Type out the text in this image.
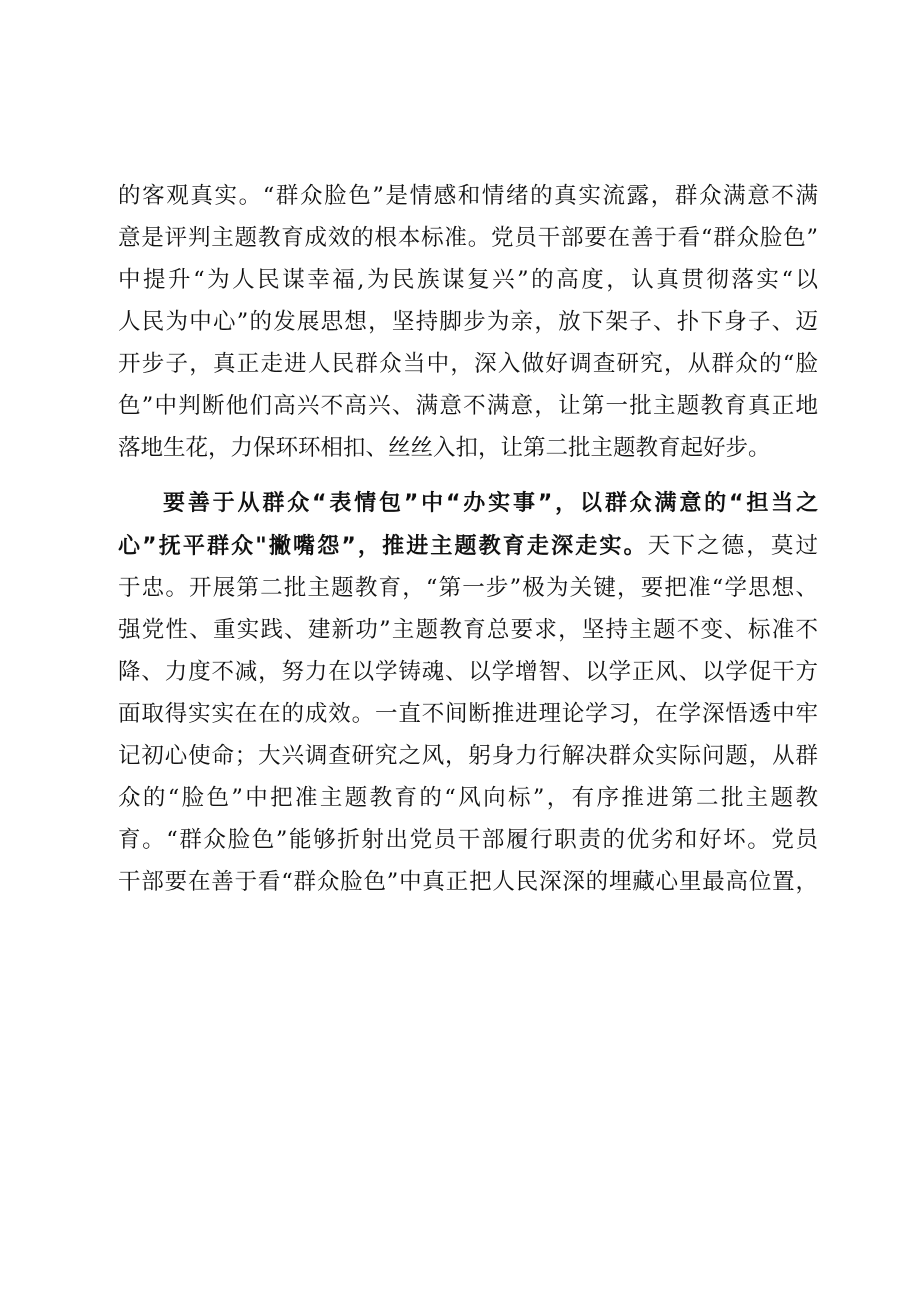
的客观真实。“群众脸色”是情感和情绪的真实流露，群众满意不满
意是评判主题教育成效的根本标准。党员干部要在善于看“群众脸色”
中提升“为人民谋幸福,为民族谋复兴”的高度，认真贯彻落实“以
人民为中心”的发展思想，坚持脚步为亲，放下架子、扑下身子、迈
开步子，真正走进人民群众当中，深入做好调查研究，从群众的“脸
色”中判断他们高兴不高兴、满意不满意，让第一批主题教育真正地
落地生花，力保环环相扣、丝丝入扣，让第二批主题教育起好步。
要善于从群众“表情包”中“办实事”，以群众满意的“担当之
心”抚平群众"撇嘴怨”，推进主题教育走深走实。天下之德，莫过
于忠。开展第二批主题教育，“第一步”极为关键，要把准“学思想、
强党性、重实践、建新功”主题教育总要求，坚持主题不变、标准不
降、力度不减，努力在以学铸魂、以学增智、以学正风、以学促干方
面取得实实在在的成效。一直不间断推进理论学习，在学深悟透中牢
记初心使命；大兴调查研究之风，躬身力行解决群众实际问题，从群
众的“脸色”中把准主题教育的“风向标”，有序推进第二批主题教
育。“群众脸色”能够折射出党员干部履行职责的优劣和好坏。党员
干部要在善于看“群众脸色”中真正把人民深深的埋藏心里最高位置，
